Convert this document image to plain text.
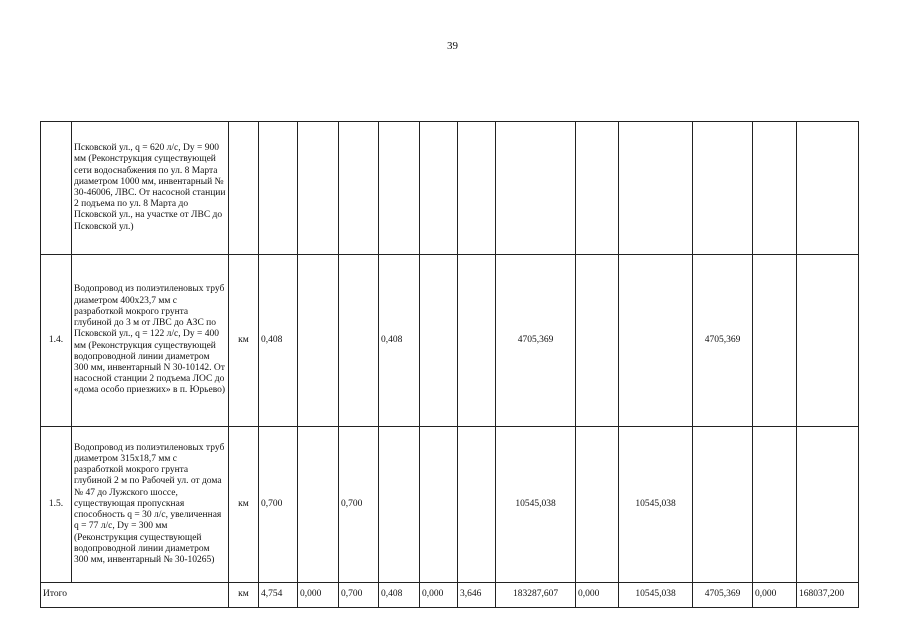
39
	Псковской ул., q = 620 л/с, Dy = 900 мм (Реконструкция существующей сети водоснабжения по ул. 8 Марта диаметром 1000 мм, инвентарный № 30-46006, ЛВС. От насосной станции 2 подъема по ул. 8 Марта до Псковской ул., на участке от ЛВС до Псковской ул.)													
1.4.	Водопровод из полиэтиленовых труб диаметром 400х23,7 мм с разработкой мокрого грунта глубиной до 3 м от ЛВС до АЗС по Псковской ул., q = 122 л/с, Dy = 400 мм (Реконструкция существующей водопроводной линии диаметром 300 мм, инвентарный N 30-10142. От насосной станции 2 подъема ЛОС до «дома особо приезжих» в п. Юрьево)	км	0,408			0,408			4705,369			4705,369		
1.5.	Водопровод из полиэтиленовых труб диаметром 315х18,7 мм с разработкой мокрого грунта глубиной 2 м по Рабочей ул. от дома № 47 до Лужского шоссе, существующая пропускная способность q = 30 л/с, увеличенная q = 77 л/с, Dy = 300 мм (Реконструкция существующей водопроводной линии диаметром 300 мм, инвентарный № 30-10265)	км	0,700		0,700				10545,038		10545,038			
Итого		км	4,754	0,000	0,700	0,408	0,000	3,646	183287,607	0,000	10545,038	4705,369	0,000	168037,200
